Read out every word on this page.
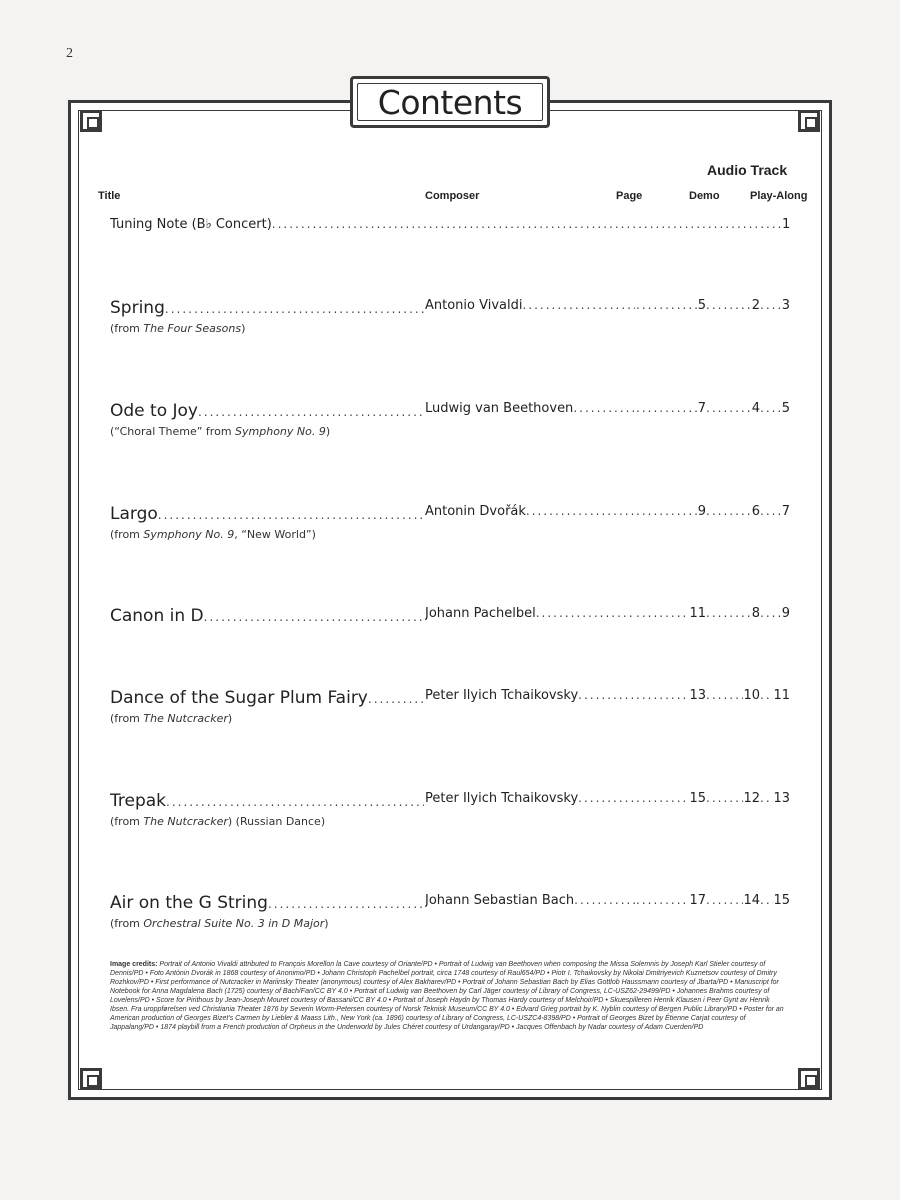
2
Contents
Audio Track
Title	Composer	Page	Demo	Play-Along
Tuning Note (B♭ Concert) .....	1
Spring .....	Antonio Vivaldi ..... .....	5 .....	2 ..... 3
(from The Four Seasons)
Ode to Joy .....	Ludwig van Beethoven ..... .....	7 .....	4 ..... 5
(“Choral Theme” from Symphony No. 9)
Largo .....	Antonin Dvořák ..... .....	9 .....	6 ..... 7
(from Symphony No. 9, “New World”)
Canon in D .....	Johann Pachelbel ..... .....	11 .....	8 ..... 9
Dance of the Sugar Plum Fairy .....	Peter Ilyich Tchaikovsky ..... .....	13 .....	10 ..... 11
(from The Nutcracker)
Trepak .....	Peter Ilyich Tchaikovsky ..... .....	15 .....	12 ..... 13
(from The Nutcracker) (Russian Dance)
Air on the G String .....	Johann Sebastian Bach ..... .....	17 .....	14 ..... 15
(from Orchestral Suite No. 3 in D Major)
Image credits: Portrait of Antonio Vivaldi attributed to François Morellon la Cave courtesy of Oriante/PD • Portrait of Ludwig van Beethoven when composing the Missa Solemnis by Joseph Karl Stieler courtesy of Dennis/PD • Foto Antónin Dvorák in 1868 courtesy of Anonimo/PD • Johann Christoph Pachelbel portrait, circa 1748 courtesy of Raul654/PD • Piotr I. Tchaikovsky by Nikolai Dmitriyevich Kuznetsov courtesy of Dmitry Rozhkov/PD • First performance of Nutcracker in Mariinsky Theater (anonymous) courtesy of Alex Bakharev/PD • Portrait of Johann Sebastian Bach by Elias Gottlob Haussmann courtesy of Jbarta/PD • Manuscript for Notebook for Anna Magdalena Bach (1725) courtesy of Bach/Fan/CC BY 4.0 • Portrait of Ludwig van Beethoven by Carl Jäger courtesy of Library of Congress, LC-USZ62-29499/PD • Johannes Brahms courtesy of Lovelens/PD • Score for Pirithous by Jean-Joseph Mouret courtesy of Bassani/CC BY 4.0 • Portrait of Joseph Haydn by Thomas Hardy courtesy of Melchoir/PD • Skuespilleren Henrik Klausen i Peer Gynt av Henrik Ibsen. Fra uroppførelsen ved Christiania Theater 1876 by Severin Worm-Petersen courtesy of Norsk Teknisk Museum/CC BY 4.0 • Edvard Grieg portrait by K. Nyblin courtesy of Bergen Public Library/PD • Poster for an American production of Georges Bizet’s Carmen by Liebler & Maass Lith., New York (ca. 1896) courtesy of Library of Congress, LC-USZC4-8398/PD • Portrait of Georges Bizet by Étienne Carjat courtesy of Jappalang/PD • 1874 playbill from a French production of Orpheus in the Underworld by Jules Chéret courtesy of Urdangaray/PD • Jacques Offenbach by Nadar courtesy of Adam Cuerden/PD
